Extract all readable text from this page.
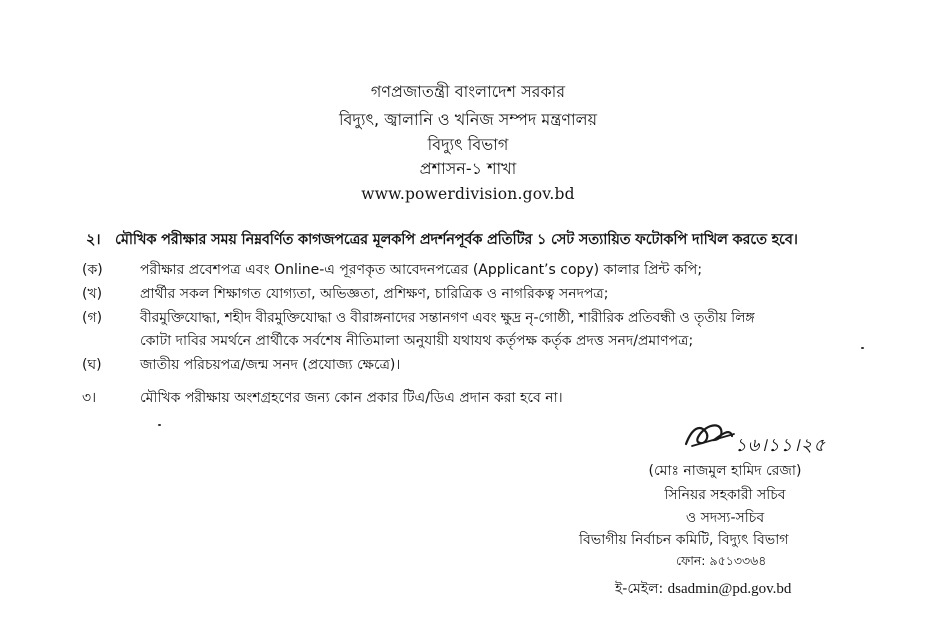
গণপ্রজাতন্ত্রী বাংলাদেশ সরকার
বিদ্যুৎ, জ্বালানি ও খনিজ সম্পদ মন্ত্রণালয়
বিদ্যুৎ বিভাগ
প্রশাসন-১ শাখা
www.powerdivision.gov.bd
২। মৌখিক পরীক্ষার সময় নিম্নবর্ণিত কাগজপত্রের মূলকপি প্রদর্শনপূর্বক প্রতিটির ১ সেট সত্যায়িত ফটোকপি দাখিল করতে হবে।
(ক)	পরীক্ষার প্রবেশপত্র এবং Online-এ পূরণকৃত আবেদনপত্রের (Applicant’s copy) কালার প্রিন্ট কপি;
(খ)	প্রার্থীর সকল শিক্ষাগত যোগ্যতা, অভিজ্ঞতা, প্রশিক্ষণ, চারিত্রিক ও নাগরিকত্ব সনদপত্র;
(গ)	বীরমুক্তিযোদ্ধা, শহীদ বীরমুক্তিযোদ্ধা ও বীরাঙ্গনাদের সন্তানগণ এবং ক্ষুদ্র নৃ-গোষ্ঠী, শারীরিক প্রতিবন্ধী ও তৃতীয় লিঙ্গ
কোটা দাবির সমর্থনে প্রার্থীকে সর্বশেষ নীতিমালা অনুযায়ী যথাযথ কর্তৃপক্ষ কর্তৃক প্রদত্ত সনদ/প্রমাণপত্র;
(ঘ)	জাতীয় পরিচয়পত্র/জন্ম সনদ (প্রযোজ্য ক্ষেত্রে)।
৩।	মৌখিক পরীক্ষায় অংশগ্রহণের জন্য কোন প্রকার টিএ/ডিএ প্রদান করা হবে না।
১৬।১১।২৫
(মোঃ নাজমুল হামিদ রেজা)
সিনিয়র সহকারী সচিব
ও সদস্য-সচিব
বিভাগীয় নির্বাচন কমিটি, বিদ্যুৎ বিভাগ
ফোন: ৯৫১৩৩৬৪
ই-মেইল: dsadmin@pd.gov.bd
